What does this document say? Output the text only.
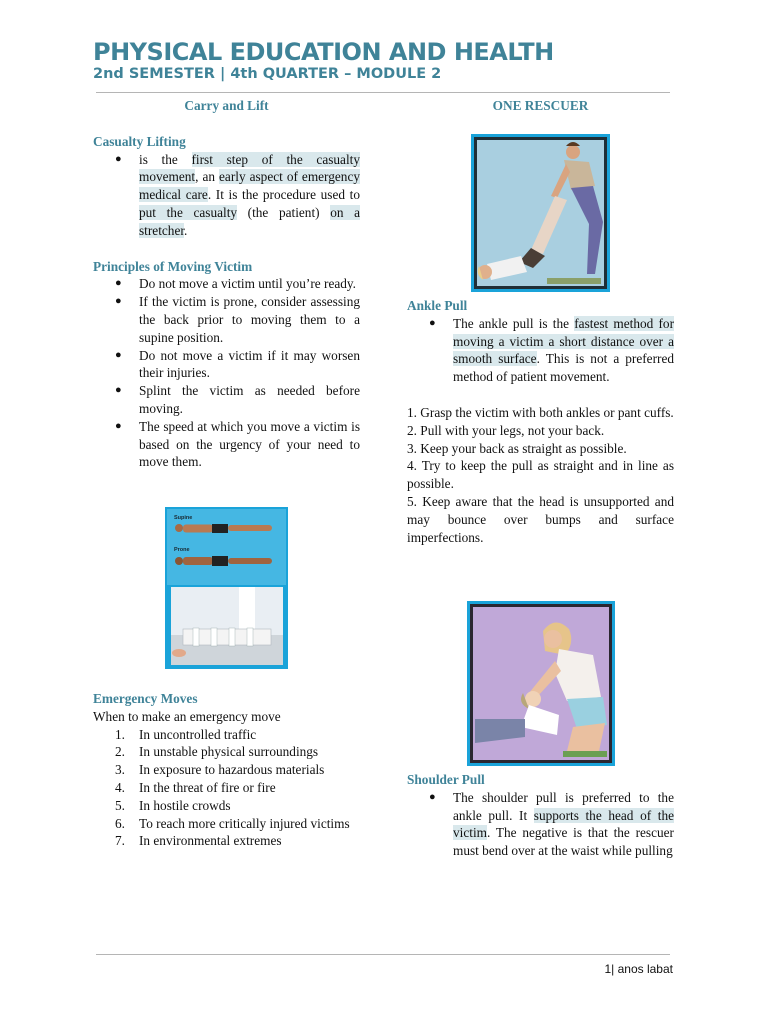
PHYSICAL EDUCATION AND HEALTH
2nd SEMESTER | 4th QUARTER – MODULE 2

Carry and Lift

Casualty Lifting

● is the first step of the casualty movement, an early aspect of emergency medical care. It is the procedure used to put the casualty (the patient) on a stretcher.

Principles of Moving Victim

● Do not move a victim until you’re ready.
● If the victim is prone, consider assessing the back prior to moving them to a supine position.
● Do not move a victim if it may worsen their injuries.
● Splint the victim as needed before moving.
● The speed at which you move a victim is based on the urgency of your need to move them.
Supine
Prone

Emergency Moves

When to make an emergency move

1. In uncontrolled traffic
2. In unstable physical surroundings
3. In exposure to hazardous materials
4. In the threat of fire or fire
5. In hostile crowds
6. To reach more critically injured victims
7. In environmental extremes

ONE RESCUER

Ankle Pull

● The ankle pull is the fastest method for moving a victim a short distance over a smooth surface. This is not a preferred method of patient movement.

1. Grasp the victim with both ankles or pant cuffs.

2. Pull with your legs, not your back.

3. Keep your back as straight as possible.

4. Try to keep the pull as straight and in line as possible.

5. Keep aware that the head is unsupported and may bounce over bumps and surface imperfections.

Shoulder Pull

● The shoulder pull is preferred to the ankle pull. It supports the head of the victim. The negative is that the rescuer must bend over at the waist while pulling
1| anos labat
